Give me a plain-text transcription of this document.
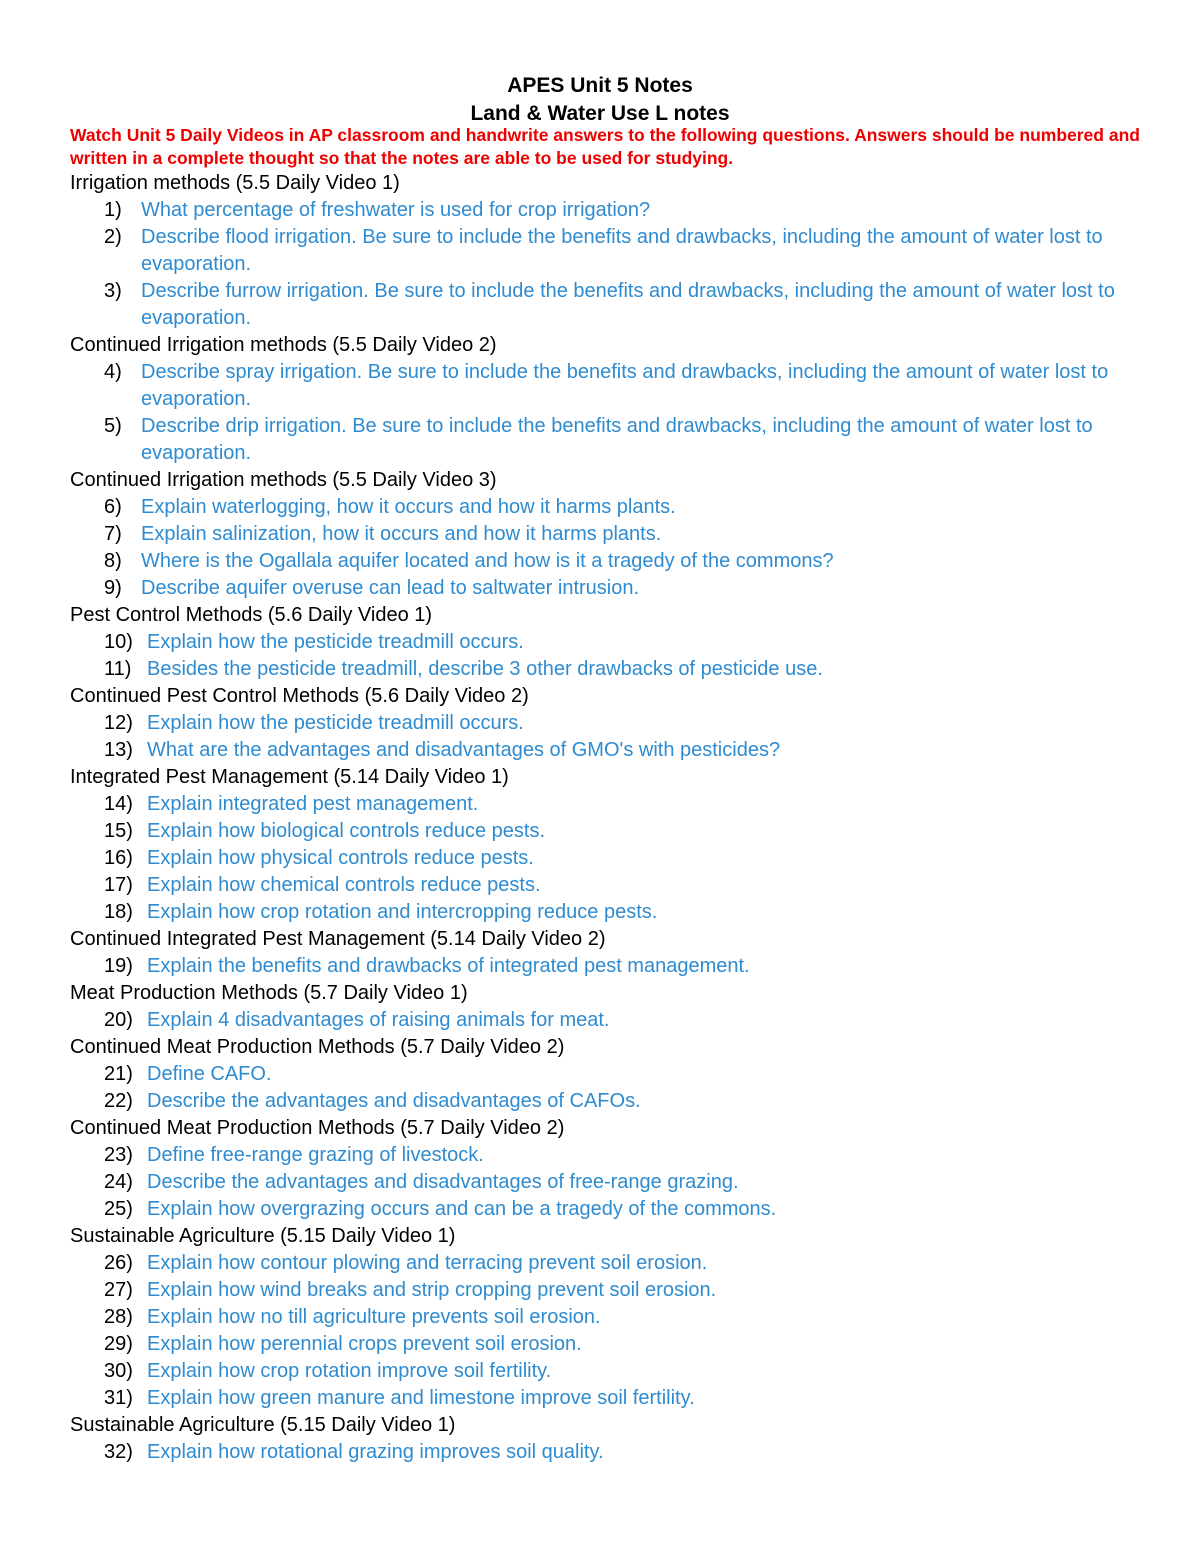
APES Unit 5 Notes
Land & Water Use L notes
Watch Unit 5 Daily Videos in AP classroom and handwrite answers to the following questions. Answers should be numbered and written in a complete thought so that the notes are able to be used for studying.
Irrigation methods (5.5 Daily Video 1)
1) What percentage of freshwater is used for crop irrigation?
2) Describe flood irrigation. Be sure to include the benefits and drawbacks, including the amount of water lost to evaporation.
3) Describe furrow irrigation. Be sure to include the benefits and drawbacks, including the amount of water lost to evaporation.
Continued Irrigation methods (5.5 Daily Video 2)
4) Describe spray irrigation. Be sure to include the benefits and drawbacks, including the amount of water lost to evaporation.
5) Describe drip irrigation. Be sure to include the benefits and drawbacks, including the amount of water lost to evaporation.
Continued Irrigation methods (5.5 Daily Video 3)
6) Explain waterlogging, how it occurs and how it harms plants.
7) Explain salinization, how it occurs and how it harms plants.
8) Where is the Ogallala aquifer located and how is it a tragedy of the commons?
9) Describe aquifer overuse can lead to saltwater intrusion.
Pest Control Methods (5.6 Daily Video 1)
10) Explain how the pesticide treadmill occurs.
11) Besides the pesticide treadmill, describe 3 other drawbacks of pesticide use.
Continued Pest Control Methods (5.6 Daily Video 2)
12) Explain how the pesticide treadmill occurs.
13) What are the advantages and disadvantages of GMO's with pesticides?
Integrated Pest Management (5.14 Daily Video 1)
14) Explain integrated pest management.
15) Explain how biological controls reduce pests.
16) Explain how physical controls reduce pests.
17) Explain how chemical controls reduce pests.
18) Explain how crop rotation and intercropping reduce pests.
Continued Integrated Pest Management (5.14 Daily Video 2)
19) Explain the benefits and drawbacks of integrated pest management.
Meat Production Methods (5.7 Daily Video 1)
20) Explain 4 disadvantages of raising animals for meat.
Continued Meat Production Methods (5.7 Daily Video 2)
21) Define CAFO.
22) Describe the advantages and disadvantages of CAFOs.
Continued Meat Production Methods (5.7 Daily Video 2)
23) Define free-range grazing of livestock.
24) Describe the advantages and disadvantages of free-range grazing.
25) Explain how overgrazing occurs and can be a tragedy of the commons.
Sustainable Agriculture (5.15 Daily Video 1)
26) Explain how contour plowing and terracing prevent soil erosion.
27) Explain how wind breaks and strip cropping prevent soil erosion.
28) Explain how no till agriculture prevents soil erosion.
29) Explain how perennial crops prevent soil erosion.
30) Explain how crop rotation improve soil fertility.
31) Explain how green manure and limestone improve soil fertility.
Sustainable Agriculture (5.15 Daily Video 1)
32) Explain how rotational grazing improves soil quality.
